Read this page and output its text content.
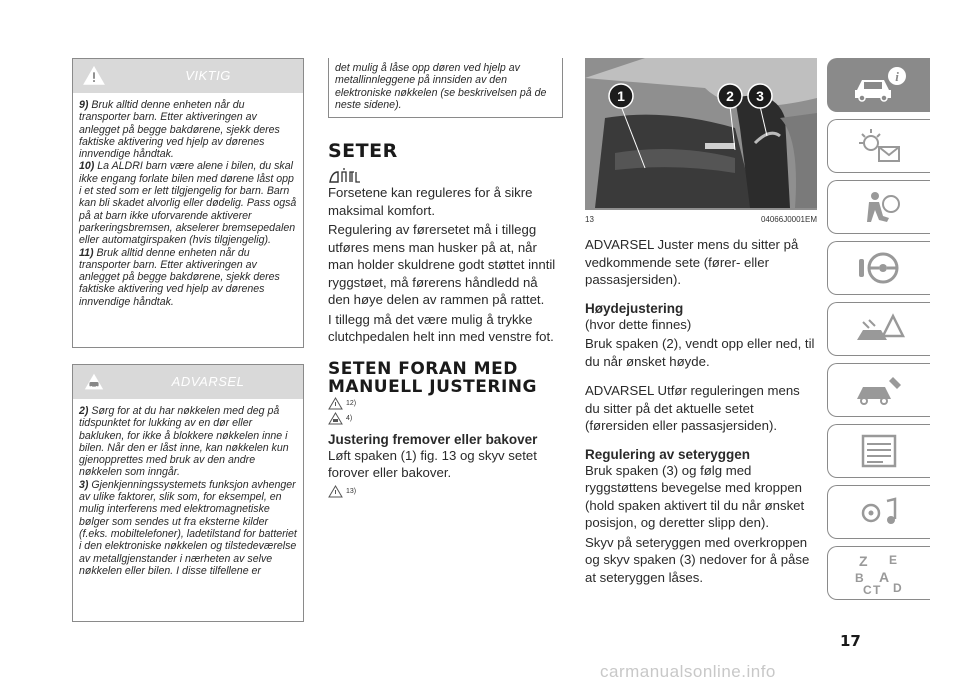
VIKTIG

9) Bruk alltid denne enheten når du transporter barn. Etter aktiveringen av anlegget på begge bakdørene, sjekk deres faktiske aktivering ved hjelp av dørenes innvendige håndtak.

10) La ALDRI barn være alene i bilen, du skal ikke engang forlate bilen med dørene låst opp i et sted som er lett tilgjengelig for barn. Barn kan bli skadet alvorlig eller dødelig. Pass også på at barn ikke uforvarende aktiverer parkeringsbremsen, akselerer bremsepedalen eller automatgirspaken (hvis tilgjengelig).

11) Bruk alltid denne enheten når du transporter barn. Etter aktiveringen av anlegget på begge bakdørene, sjekk deres faktiske aktivering ved hjelp av dørenes innvendige håndtak.

ADVARSEL

2) Sørg for at du har nøkkelen med deg på tidspunktet for lukking av en dør eller bakluken, for ikke å blokkere nøkkelen inne i bilen. Når den er låst inne, kan nøkkelen kun gjenopprettes med bruk av den andre nøkkelen som inngår.

3) Gjenkjenningssystemets funksjon avhenger av ulike faktorer, slik som, for eksempel, en mulig interferens med elektromagnetiske bølger som sendes ut fra eksterne kilder (f.eks. mobiltelefoner), ladetilstand for batteriet i den elektroniske nøkkelen og tilstedeværelse av metallgjenstander i nærheten av selve nøkkelen eller bilen. I disse tilfellene er

det mulig å låse opp døren ved hjelp av metallinnleggene på innsiden av den elektroniske nøkkelen (se beskrivelsen på de neste sidene).

SETER

Forsetene kan reguleres for å sikre maksimal komfort.

Regulering av førersetet må i tillegg utføres mens man husker på at, når man holder skuldrene godt støttet inntil ryggstøet, må førerens håndledd nå den høye delen av rammen på rattet.

I tillegg må det være mulig å trykke clutchpedalen helt inn med venstre fot.

SETEN FORAN MED MANUELL JUSTERING
12)
4)
Justering fremover eller bakover

Løft spaken (1) fig. 13 og skyv setet forover eller bakover.

13)
1	2 3
13	04066J0001EM

ADVARSEL Juster mens du sitter på vedkommende sete (fører- eller passasjersiden).

Høydejustering

(hvor dette finnes)

Bruk spaken (2), vendt opp eller ned, til du når ønsket høyde.

ADVARSEL Utfør reguleringen mens du sitter på det aktuelle setet (førersiden eller passasjersiden).

Regulering av seteryggen

Bruk spaken (3) og følg med ryggstøttens bevegelse med kroppen (hold spaken aktivert til du når ønsket posisjon, og deretter slipp den).

Skyv på seteryggen med overkroppen og skyv spaken (3) nedover for å påse at seteryggen låses.

i
Z E
B A
C D
T
17
carmanualsonline.info
